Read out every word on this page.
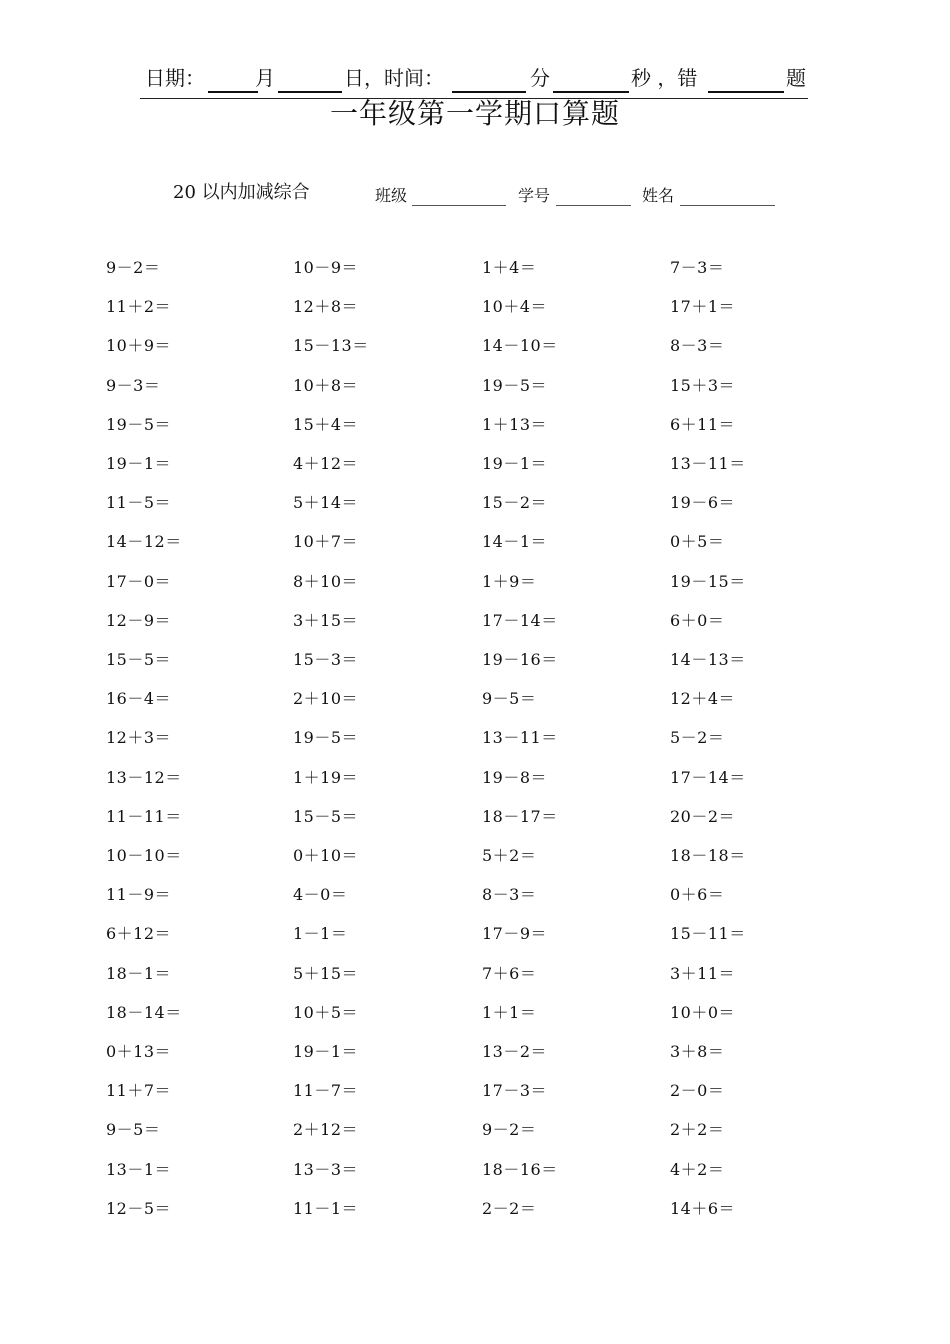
日期：	月	日，时间：	分	秒 ，错	题
一年级第一学期口算题
20 以内加减综合	班级	学号	姓名
9－2＝	10－9＝	1＋4＝	7－3＝
11＋2＝	12＋8＝	10＋4＝	17＋1＝
10＋9＝	15－13＝	14－10＝	8－3＝
9－3＝	10＋8＝	19－5＝	15＋3＝
19－5＝	15＋4＝	1＋13＝	6＋11＝
19－1＝	4＋12＝	19－1＝	13－11＝
11－5＝	5＋14＝	15－2＝	19－6＝
14－12＝	10＋7＝	14－1＝	0＋5＝
17－0＝	8＋10＝	1＋9＝	19－15＝
12－9＝	3＋15＝	17－14＝	6＋0＝
15－5＝	15－3＝	19－16＝	14－13＝
16－4＝	2＋10＝	9－5＝	12＋4＝
12＋3＝	19－5＝	13－11＝	5－2＝
13－12＝	1＋19＝	19－8＝	17－14＝
11－11＝	15－5＝	18－17＝	20－2＝
10－10＝	0＋10＝	5＋2＝	18－18＝
11－9＝	4－0＝	8－3＝	0＋6＝
6＋12＝	1－1＝	17－9＝	15－11＝
18－1＝	5＋15＝	7＋6＝	3＋11＝
18－14＝	10＋5＝	1＋1＝	10＋0＝
0＋13＝	19－1＝	13－2＝	3＋8＝
11＋7＝	11－7＝	17－3＝	2－0＝
9－5＝	2＋12＝	9－2＝	2＋2＝
13－1＝	13－3＝	18－16＝	4＋2＝
12－5＝	11－1＝	2－2＝	14＋6＝
